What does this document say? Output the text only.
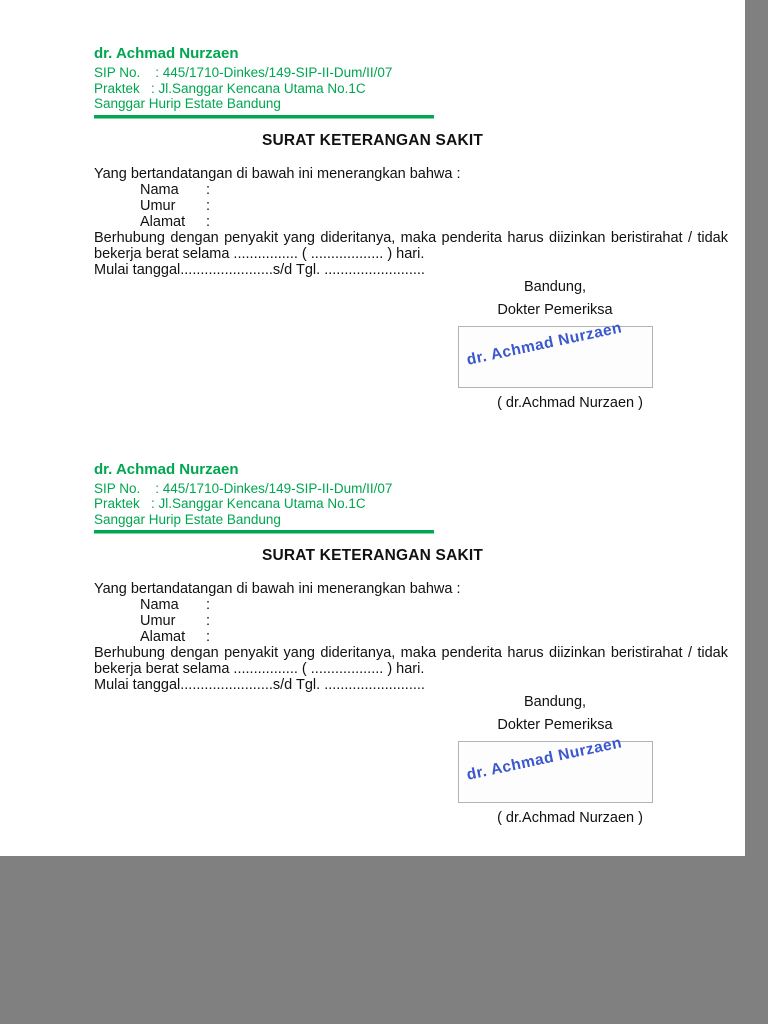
dr. Achmad Nurzaen
SIP No.    : 445/1710-Dinkes/149-SIP-II-Dum/II/07
Praktek   : Jl.Sanggar Kencana Utama No.1C
Sanggar Hurip Estate Bandung
SURAT KETERANGAN SAKIT
Yang bertandatangan di bawah ini menerangkan bahwa :
Nama :
Umur :
Alamat :
Berhubung dengan penyakit yang dideritanya, maka penderita harus diizinkan beristirahat / tidak bekerja berat selama ................ ( .................. ) hari.
Mulai tanggal.......................s/d Tgl. .........................
Bandung,
Dokter Pemeriksa
dr. Achmad Nurzaen
( dr.Achmad Nurzaen )
dr. Achmad Nurzaen
SIP No.    : 445/1710-Dinkes/149-SIP-II-Dum/II/07
Praktek   : Jl.Sanggar Kencana Utama No.1C
Sanggar Hurip Estate Bandung
SURAT KETERANGAN SAKIT
Yang bertandatangan di bawah ini menerangkan bahwa :
Nama :
Umur :
Alamat :
Berhubung dengan penyakit yang dideritanya, maka penderita harus diizinkan beristirahat / tidak bekerja berat selama ................ ( .................. ) hari.
Mulai tanggal.......................s/d Tgl. .........................
Bandung,
Dokter Pemeriksa
dr. Achmad Nurzaen
( dr.Achmad Nurzaen )
